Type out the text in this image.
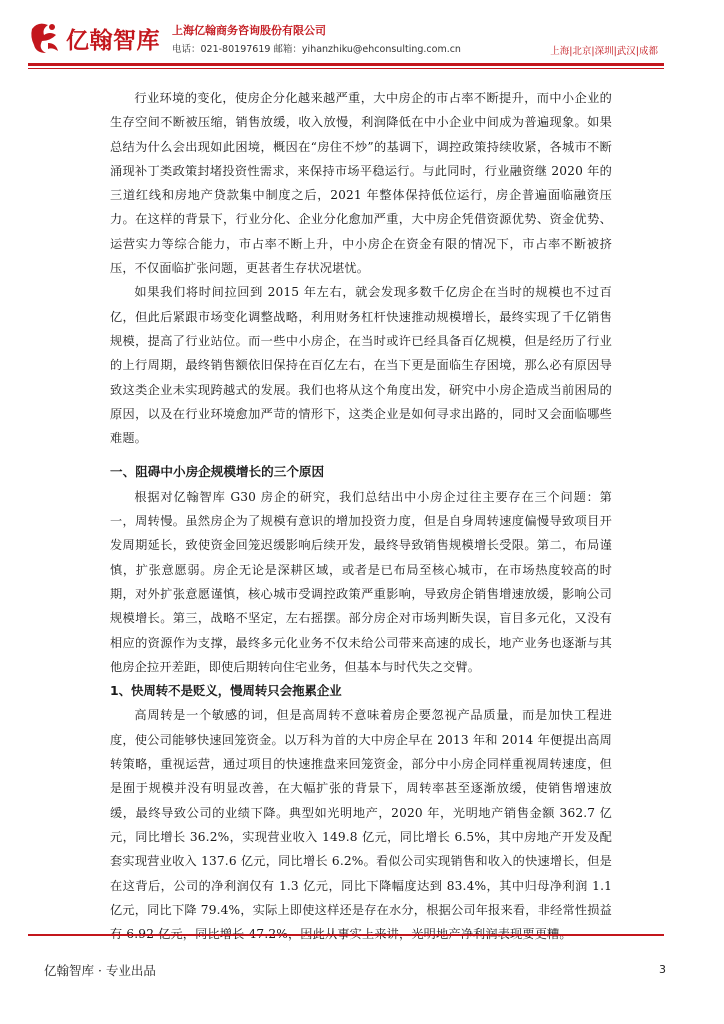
亿翰智库 上海亿翰商务咨询股份有限公司
电话：021-80197619 邮箱：yihanzhiku@ehconsulting.com.cn	上海|北京|深圳|武汉|成都

行业环境的变化，使房企分化越来越严重，大中房企的市占率不断提升，而中小企业的生存空间不断被压缩，销售放缓，收入放慢，利润降低在中小企业中间成为普遍现象。如果总结为什么会出现如此困境，概因在“房住不炒”的基调下，调控政策持续收紧，各城市不断涌现补丁类政策封堵投资性需求，来保持市场平稳运行。与此同时，行业融资继 2020 年的三道红线和房地产贷款集中制度之后，2021 年整体保持低位运行，房企普遍面临融资压力。在这样的背景下，行业分化、企业分化愈加严重，大中房企凭借资源优势、资金优势、运营实力等综合能力，市占率不断上升，中小房企在资金有限的情况下，市占率不断被挤压，不仅面临扩张问题，更甚者生存状况堪忧。

如果我们将时间拉回到 2015 年左右，就会发现多数千亿房企在当时的规模也不过百亿，但此后紧跟市场变化调整战略，利用财务杠杆快速推动规模增长，最终实现了千亿销售规模，提高了行业站位。而一些中小房企，在当时或许已经具备百亿规模，但是经历了行业的上行周期，最终销售额依旧保持在百亿左右，在当下更是面临生存困境，那么必有原因导致这类企业未实现跨越式的发展。我们也将从这个角度出发，研究中小房企造成当前困局的原因，以及在行业环境愈加严苛的情形下，这类企业是如何寻求出路的，同时又会面临哪些难题。

一、阻碍中小房企规模增长的三个原因

根据对亿翰智库 G30 房企的研究，我们总结出中小房企过往主要存在三个问题：第一，周转慢。虽然房企为了规模有意识的增加投资力度，但是自身周转速度偏慢导致项目开发周期延长，致使资金回笼迟缓影响后续开发，最终导致销售规模增长受限。第二，布局谨慎，扩张意愿弱。房企无论是深耕区域，或者是已布局至核心城市，在市场热度较高的时期，对外扩张意愿谨慎，核心城市受调控政策严重影响，导致房企销售增速放缓，影响公司规模增长。第三，战略不坚定，左右摇摆。部分房企对市场判断失误，盲目多元化，又没有相应的资源作为支撑，最终多元化业务不仅未给公司带来高速的成长，地产业务也逐渐与其他房企拉开差距，即使后期转向住宅业务，但基本与时代失之交臂。

1、快周转不是贬义，慢周转只会拖累企业

高周转是一个敏感的词，但是高周转不意味着房企要忽视产品质量，而是加快工程进度，使公司能够快速回笼资金。以万科为首的大中房企早在 2013 年和 2014 年便提出高周转策略，重视运营，通过项目的快速推盘来回笼资金，部分中小房企同样重视周转速度，但是囿于规模并没有明显改善，在大幅扩张的背景下，周转率甚至逐渐放缓，使销售增速放缓，最终导致公司的业绩下降。典型如光明地产，2020 年，光明地产销售金额 362.7 亿元，同比增长 36.2%，实现营业收入 149.8 亿元，同比增长 6.5%，其中房地产开发及配套实现营业收入 137.6 亿元，同比增长 6.2%。看似公司实现销售和收入的快速增长，但是在这背后，公司的净利润仅有 1.3 亿元，同比下降幅度达到 83.4%，其中归母净利润 1.1 亿元，同比下降 79.4%，实际上即使这样还是存在水分，根据公司年报来看，非经常性损益

亿翰智库 · 专业出品	3
